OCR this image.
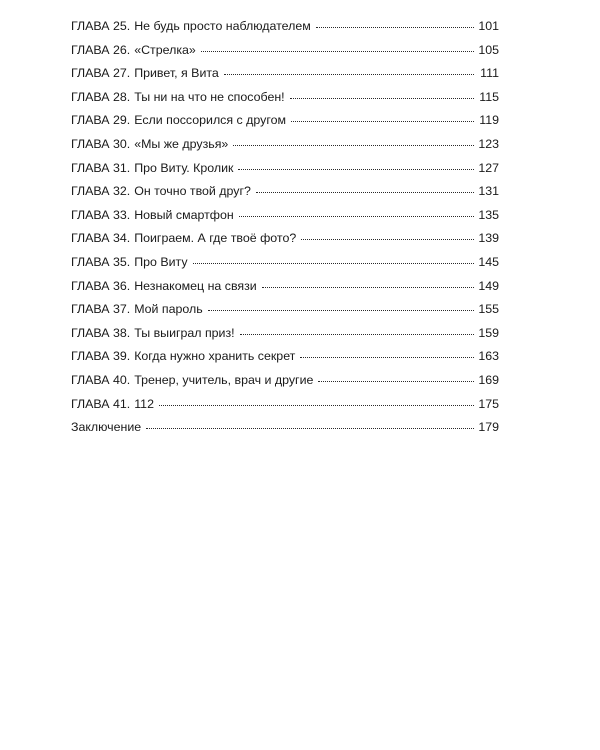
ГЛАВА 25. Не будь просто наблюдателем	101
ГЛАВА 26. «Стрелка»	105
ГЛАВА 27. Привет, я Вита	111
ГЛАВА 28. Ты ни на что не способен!	115
ГЛАВА 29. Если поссорился с другом	119
ГЛАВА 30. «Мы же друзья»	123
ГЛАВА 31. Про Виту. Кролик	127
ГЛАВА 32. Он точно твой друг?	131
ГЛАВА 33. Новый смартфон	135
ГЛАВА 34. Поиграем. А где твоё фото?	139
ГЛАВА 35. Про Виту	145
ГЛАВА 36. Незнакомец на связи	149
ГЛАВА 37. Мой пароль	155
ГЛАВА 38. Ты выиграл приз!	159
ГЛАВА 39. Когда нужно хранить секрет	163
ГЛАВА 40. Тренер, учитель, врач и другие	169
ГЛАВА 41. 112	175
Заключение	179
